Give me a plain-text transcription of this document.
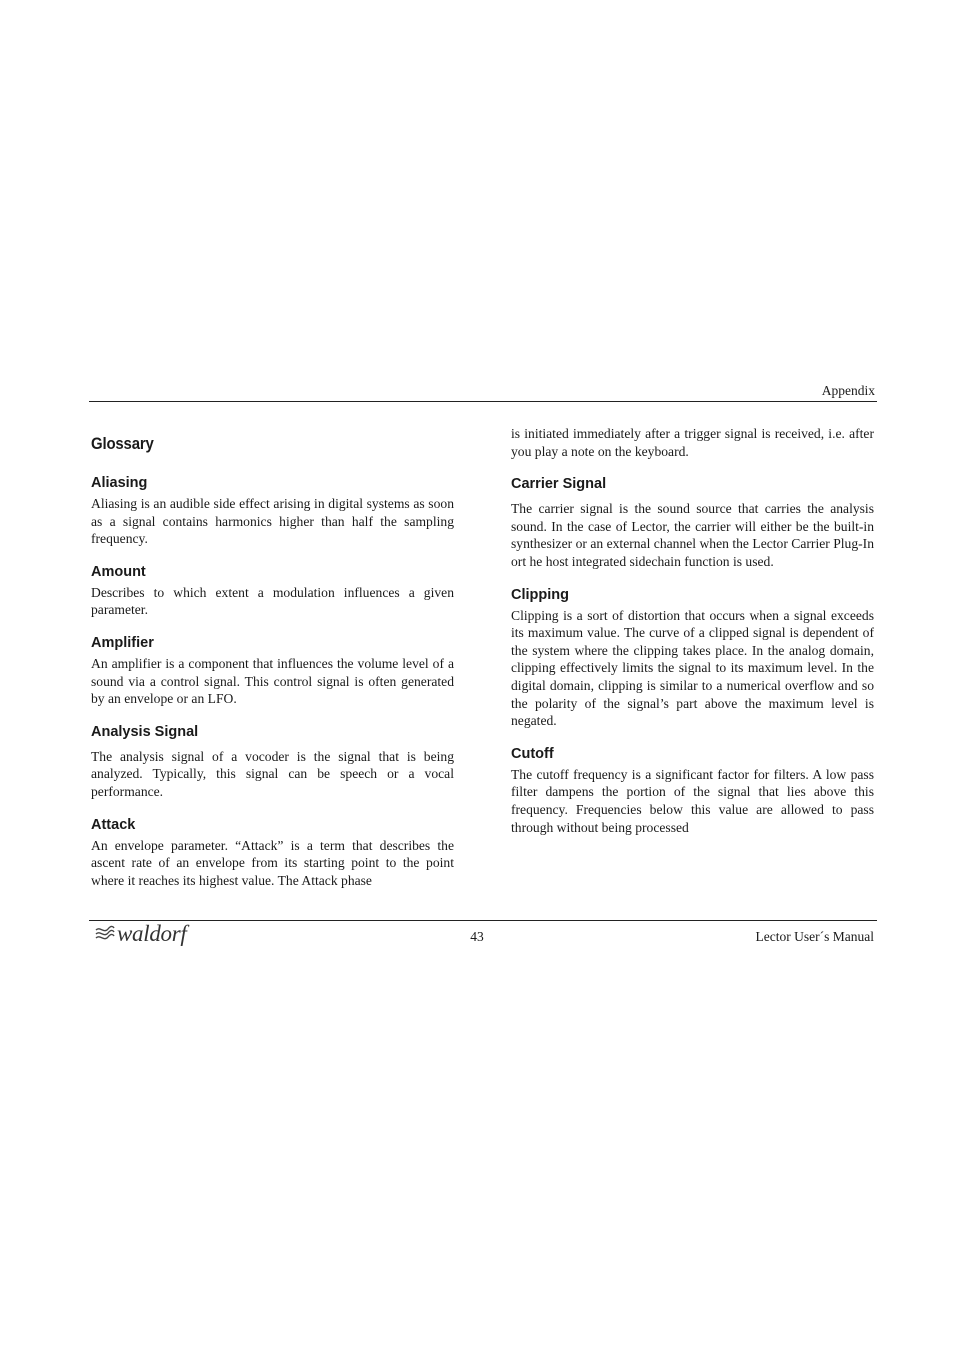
Appendix
Glossary
Aliasing

Aliasing is an audible side effect arising in digital systems as soon as a signal contains harmonics higher than half the sampling frequency.

Amount

Describes to which extent a modulation influences a given parameter.

Amplifier

An amplifier is a component that influences the volume level of a sound via a control signal. This control signal is often generated by an envelope or an LFO.

Analysis Signal

The analysis signal of a vocoder is the signal that is being analyzed. Typically, this signal can be speech or a vocal performance.

Attack

An envelope parameter. “Attack” is a term that describes the ascent rate of an envelope from its starting point to the point where it reaches its highest value. The Attack phase

is initiated immediately after a trigger signal is received, i.e. after you play a note on the keyboard.

Carrier Signal

The carrier signal is the sound source that carries the analysis sound. In the case of Lector, the carrier will either be the built-in synthesizer or an external channel when the Lector Carrier Plug-In ort he host integrated sidechain function is used.

Clipping

Clipping is a sort of distortion that occurs when a signal exceeds its maximum value. The curve of a clipped signal is dependent of the system where the clipping takes place. In the analog domain, clipping effectively limits the signal to its maximum level. In the digital domain, clipping is similar to a numerical overflow and so the polarity of the signal’s part above the maximum level is negated.

Cutoff

The cutoff frequency is a significant factor for filters. A low pass filter dampens the portion of the signal that lies above this frequency. Frequencies below this value are allowed to pass through without being processed

waldorf	43	Lector User´s Manual
